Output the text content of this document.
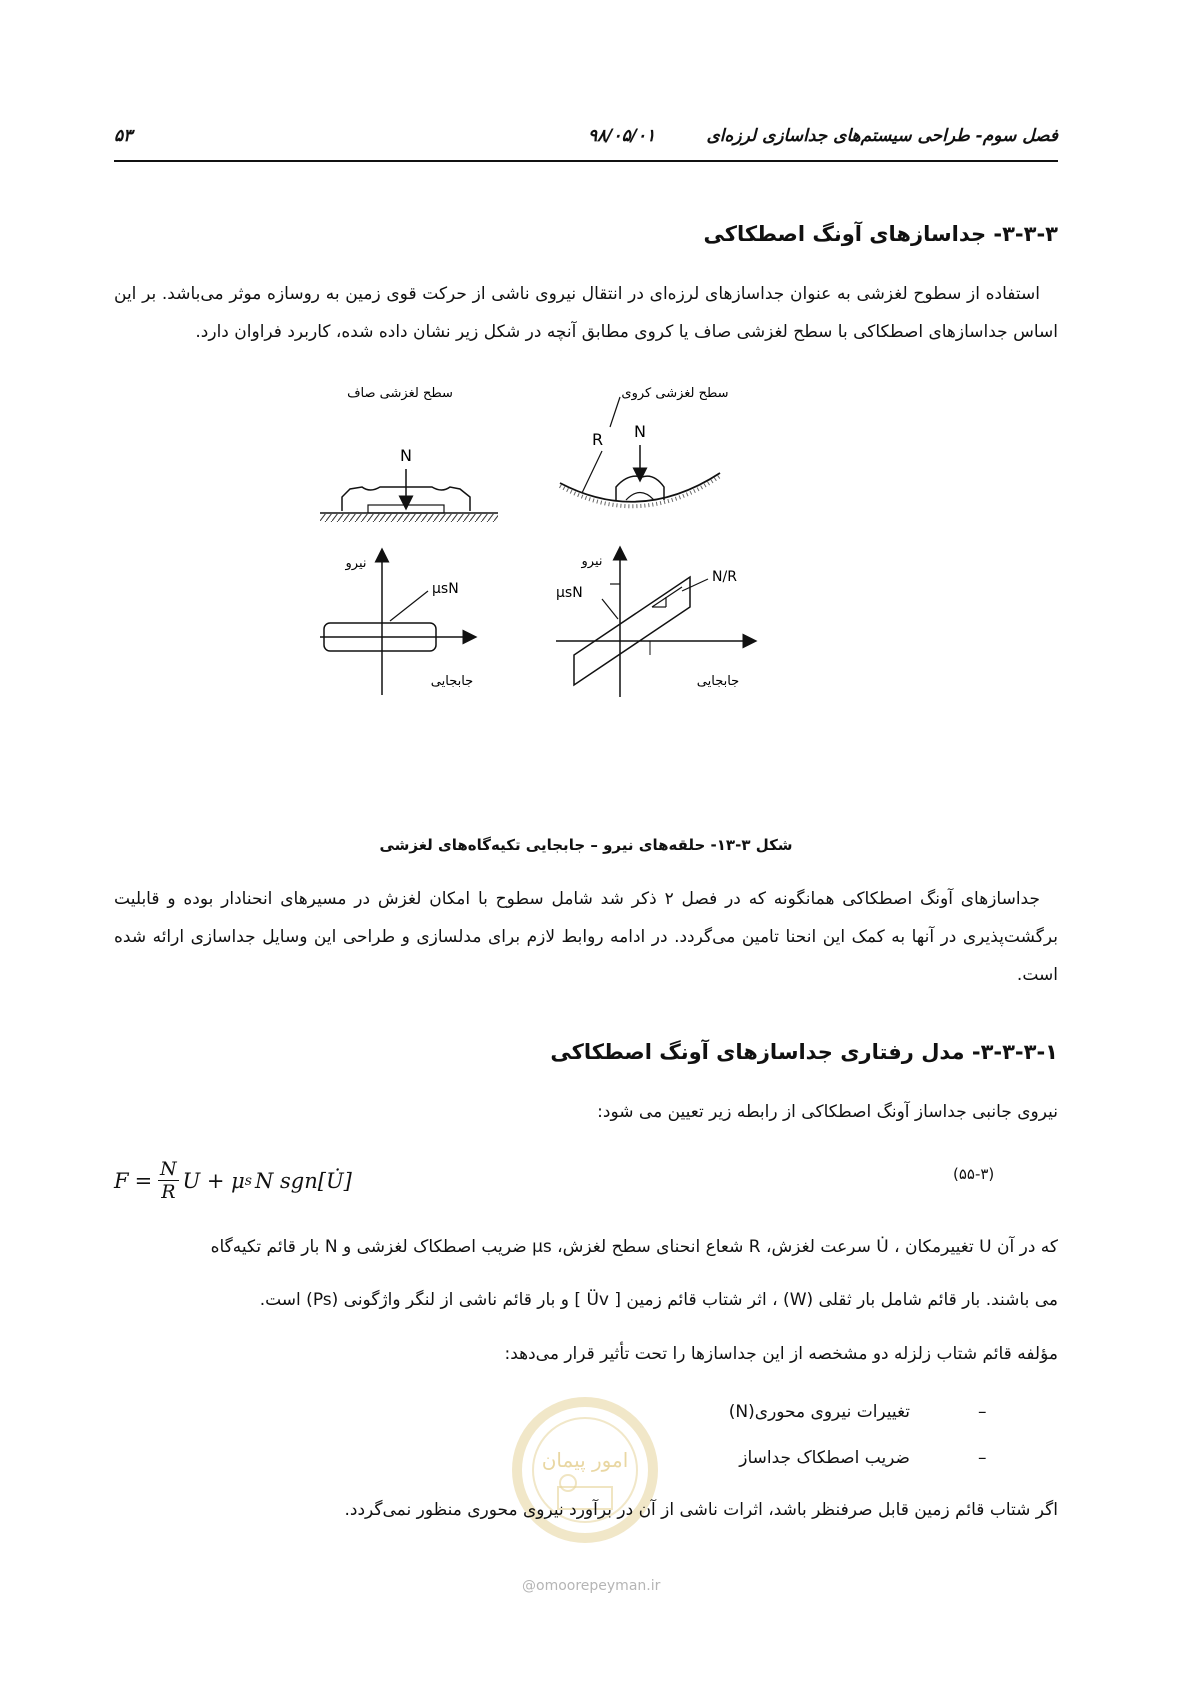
فصل سوم- طراحی سیستم‌های جداسازی لرزه‌ای
۹۸/۰۵/۰۱
۵۳
۳-۳-۳- جداسازهای آونگ اصطکاکی
استفاده از سطوح لغزشی به عنوان جداسازهای لرزه‌ای در انتقال نیروی ناشی از حرکت قوی زمین به روسازه موثر می‌باشد. بر این اساس جداسازهای اصطکاکی با سطح لغزشی صاف یا کروی مطابق آنچه در شکل زیر نشان داده شده، کاربرد فراوان دارد.
سطح لغزشی صاف	سطح لغزشی کروی
N
R N
نیرو
μsN
جابجایی
نیرو
μsN
N/R
جابجایی
شکل ۳-۱۳- حلقه‌های نیرو – جابجایی تکیه‌گاه‌های لغزشی
جداسازهای آونگ اصطکاکی همانگونه که در فصل ۲ ذکر شد شامل سطوح با امکان لغزش در مسیرهای انحنادار بوده و قابلیت برگشت‌پذیری در آنها به کمک این انحنا تامین می‌گردد. در ادامه روابط لازم برای مدلسازی و طراحی این وسایل جداسازی ارائه شده است.
۳-۳-۳-۱- مدل رفتاری جداسازهای آونگ اصطکاکی
نیروی جانبی جداساز آونگ اصطکاکی از رابطه زیر تعیین می شود:
$F = \frac{N}{R}$ U + μ s N sgn[U̇]	(۵۵-۳)
که در آن U تغییرمکان ، U̇ سرعت لغزش، R شعاع انحنای سطح لغزش، μs ضریب اصطکاک لغزشی و N بار قائم تکیه‌گاه
می باشند. بار قائم شامل بار ثقلی (W) ، اثر شتاب قائم زمین [ Üv ] و بار قائم ناشی از لنگر واژگونی (Ps) است.
مؤلفه قائم شتاب زلزله دو مشخصه از این جداسازها را تحت تأثیر قرار می‌دهد:
–
تغییرات نیروی محوری(N)
–
ضریب اصطکاک جداساز
امور پیمان
اگر شتاب قائم زمین قابل صرفنظر باشد، اثرات ناشی از آن در برآورد نیروی محوری منظور نمی‌گردد.
@omoorepeyman.ir
